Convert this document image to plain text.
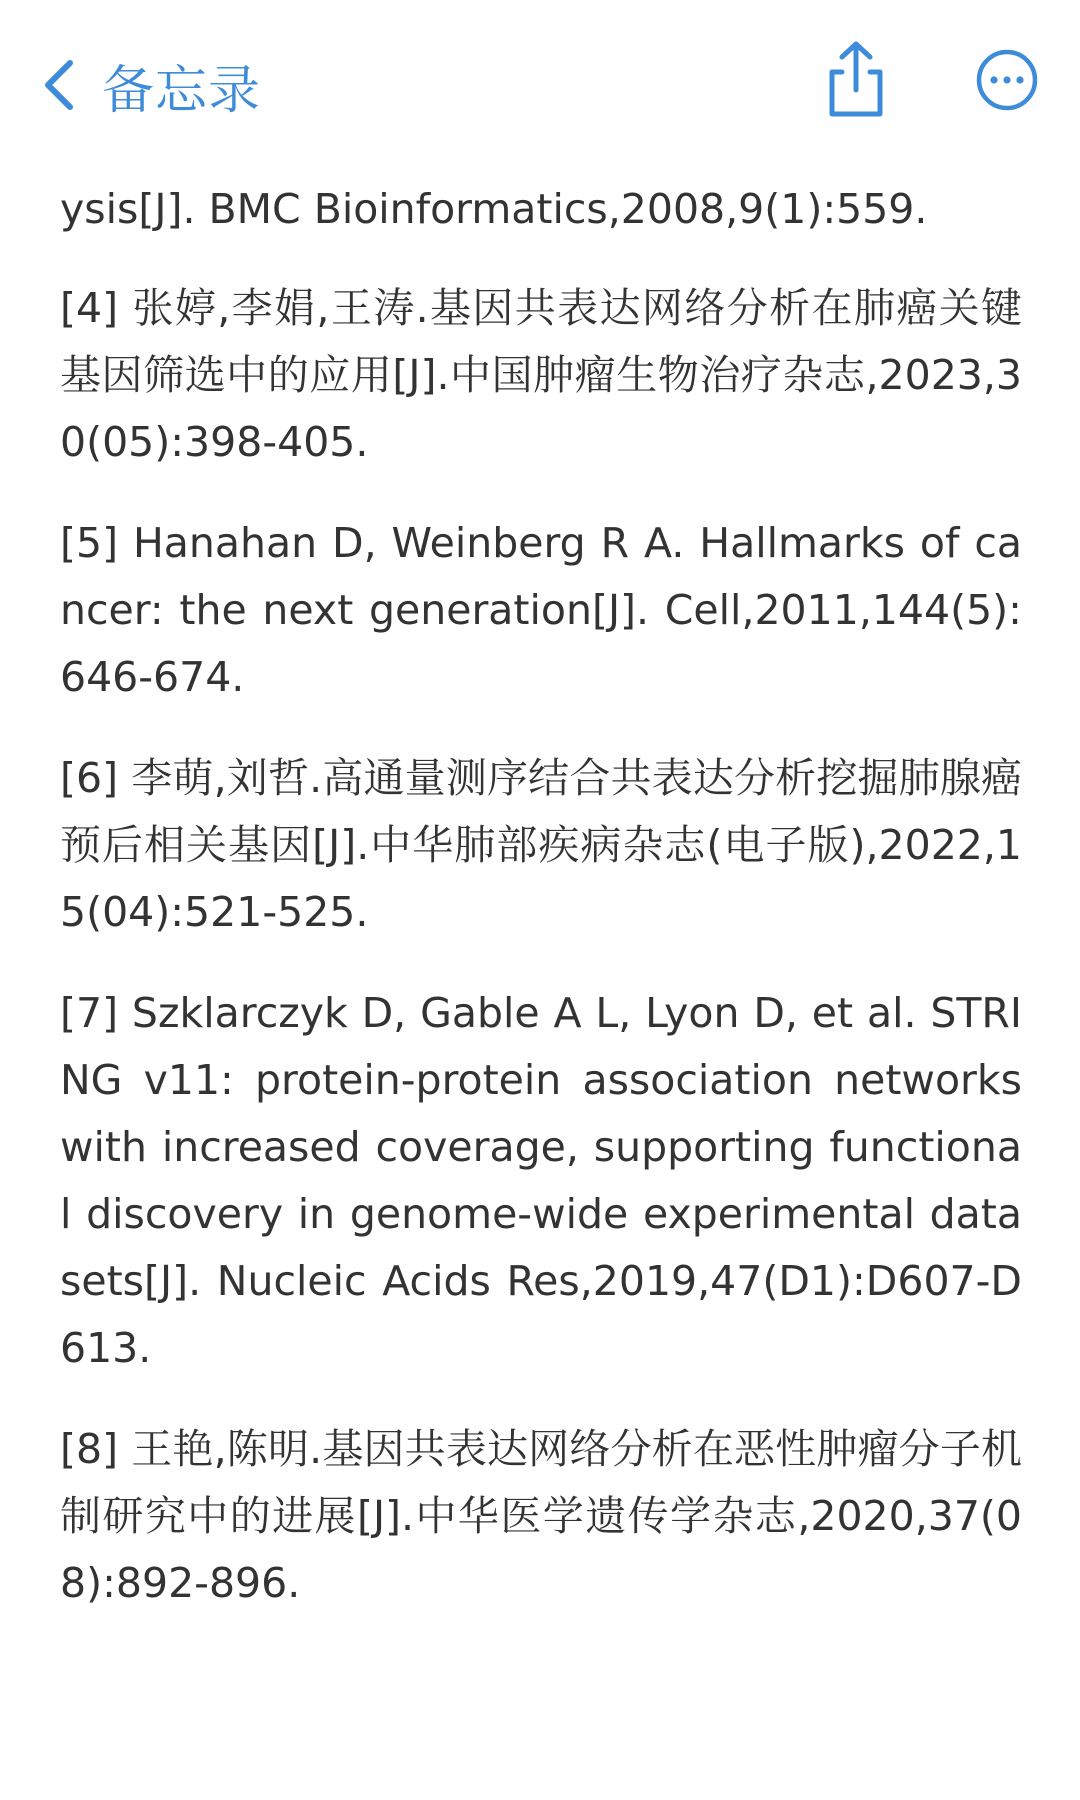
备忘录

ysis[J]. BMC Bioinformatics,2008,9(1):559.

[4] 张婷,李娟,王涛.基因共表达网络分析在肺癌关键基因筛选中的应用[J].中国肿瘤生物治疗杂志,2023,30(05):398-405.

[5] Hanahan D, Weinberg R A. Hallmarks of cancer: the next generation[J]. Cell,2011,144(5):646-674.

[6] 李萌,刘哲.高通量测序结合共表达分析挖掘肺腺癌预后相关基因[J].中华肺部疾病杂志(电子版),2022,15(04):521-525.

[7] Szklarczyk D, Gable A L, Lyon D, et al. STRING v11: protein-protein association networks with increased coverage, supporting functional discovery in genome-wide experimental datasets[J]. Nucleic Acids Res,2019,47(D1):D607-D613.

[8] 王艳,陈明.基因共表达网络分析在恶性肿瘤分子机制研究中的进展[J].中华医学遗传学杂志,2020,37(08):892-896.
